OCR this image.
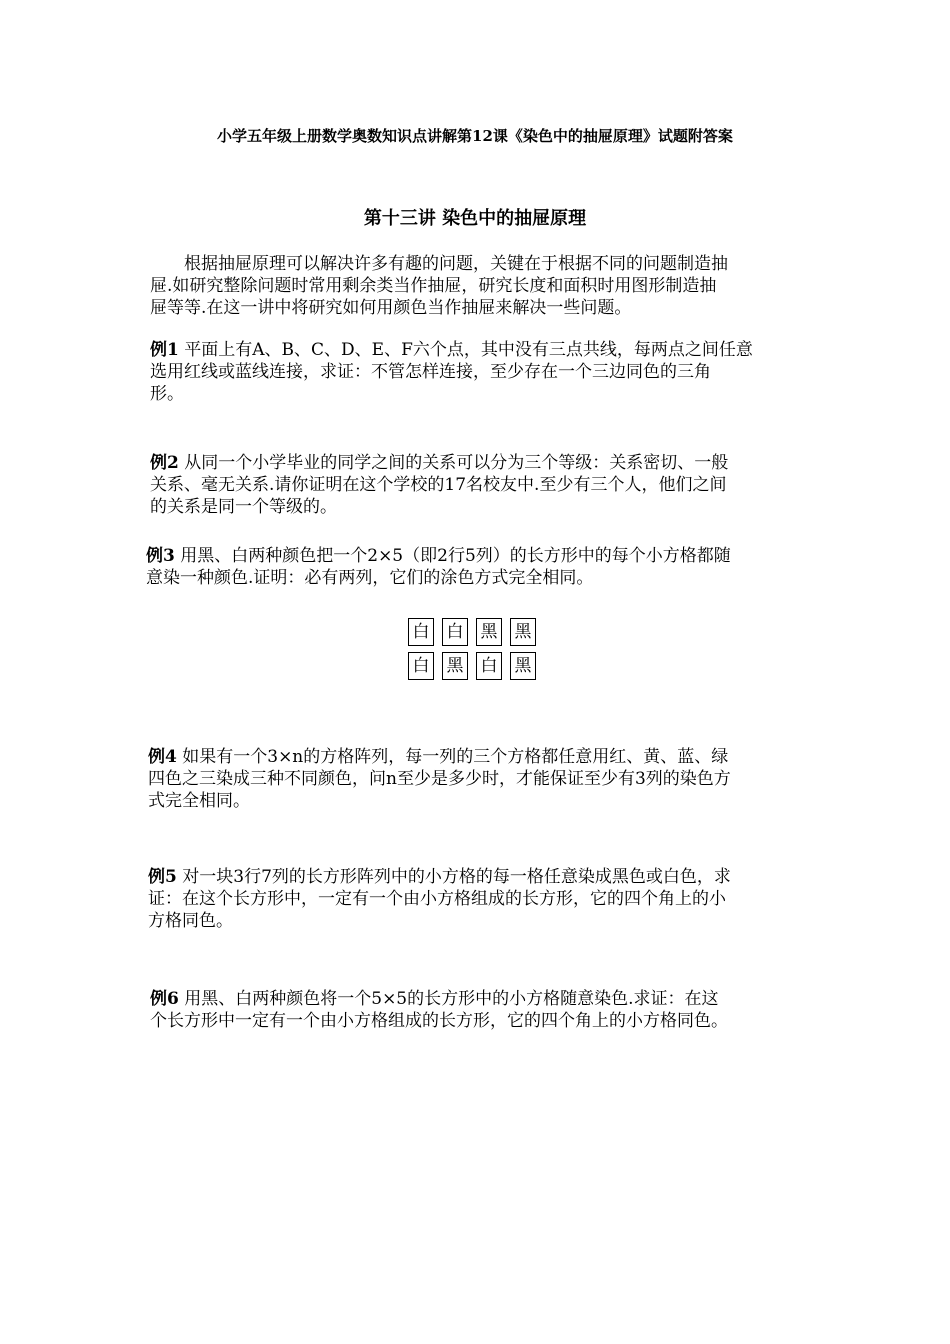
小学五年级上册数学奥数知识点讲解第12课《染色中的抽屉原理》试题附答案
第十三讲 染色中的抽屉原理
　　根据抽屉原理可以解决许多有趣的问题，关键在于根据不同的问题制造抽
屉.如研究整除问题时常用剩余类当作抽屉，研究长度和面积时用图形制造抽
屉等等.在这一讲中将研究如何用颜色当作抽屉来解决一些问题。
例1 平面上有A、B、C、D、E、F六个点，其中没有三点共线，每两点之间任意
选用红线或蓝线连接，求证：不管怎样连接，至少存在一个三边同色的三角
形。
例2 从同一个小学毕业的同学之间的关系可以分为三个等级：关系密切、一般
关系、毫无关系.请你证明在这个学校的17名校友中.至少有三个人，他们之间
的关系是同一个等级的。
例3 用黑、白两种颜色把一个2×5（即2行5列）的长方形中的每个小方格都随
意染一种颜色.证明：必有两列，它们的涂色方式完全相同。
白 白 黑 黑
白 黑 白 黑
例4 如果有一个3×n的方格阵列，每一列的三个方格都任意用红、黄、蓝、绿
四色之三染成三种不同颜色，问n至少是多少时，才能保证至少有3列的染色方
式完全相同。
例5 对一块3行7列的长方形阵列中的小方格的每一格任意染成黑色或白色，求
证：在这个长方形中，一定有一个由小方格组成的长方形，它的四个角上的小
方格同色。
例6 用黑、白两种颜色将一个5×5的长方形中的小方格随意染色.求证：在这
个长方形中一定有一个由小方格组成的长方形，它的四个角上的小方格同色。
